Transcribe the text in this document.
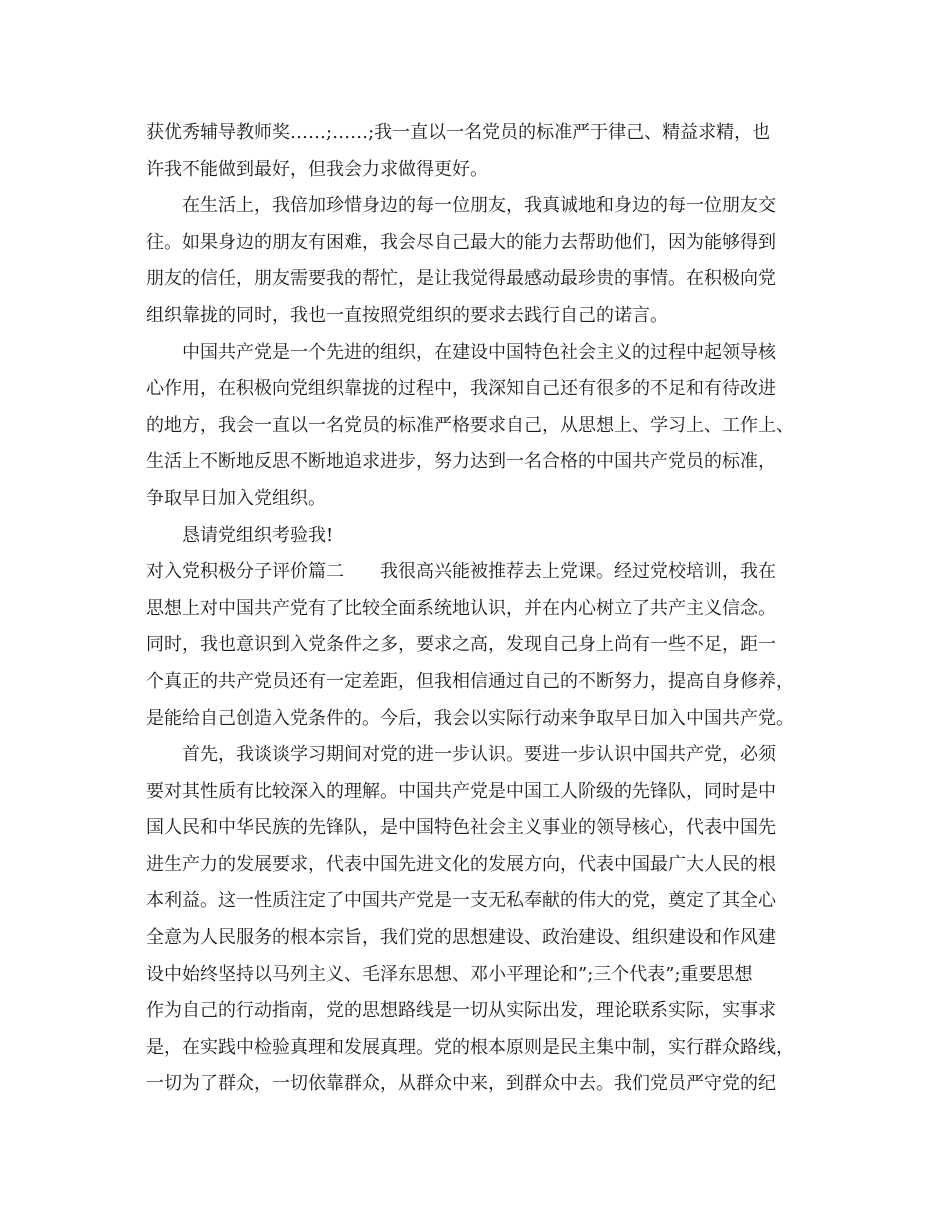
获优秀辅导教师奖……;……;我一直以一名党员的标准严于律己、精益求精，也
许我不能做到最好，但我会力求做得更好。
　　在生活上，我倍加珍惜身边的每一位朋友，我真诚地和身边的每一位朋友交
往。如果身边的朋友有困难，我会尽自己最大的能力去帮助他们，因为能够得到
朋友的信任，朋友需要我的帮忙，是让我觉得最感动最珍贵的事情。在积极向党
组织靠拢的同时，我也一直按照党组织的要求去践行自己的诺言。
　　中国共产党是一个先进的组织，在建设中国特色社会主义的过程中起领导核
心作用，在积极向党组织靠拢的过程中，我深知自己还有很多的不足和有待改进
的地方，我会一直以一名党员的标准严格要求自己，从思想上、学习上、工作上、
生活上不断地反思不断地追求进步，努力达到一名合格的中国共产党员的标准，
争取早日加入党组织。
　　恳请党组织考验我!
对入党积极分子评价篇二　　我很高兴能被推荐去上党课。经过党校培训，我在
思想上对中国共产党有了比较全面系统地认识，并在内心树立了共产主义信念。
同时，我也意识到入党条件之多，要求之高，发现自己身上尚有一些不足，距一
个真正的共产党员还有一定差距，但我相信通过自己的不断努力，提高自身修养，
是能给自己创造入党条件的。今后，我会以实际行动来争取早日加入中国共产党。
　　首先，我谈谈学习期间对党的进一步认识。要进一步认识中国共产党，必须
要对其性质有比较深入的理解。中国共产党是中国工人阶级的先锋队，同时是中
国人民和中华民族的先锋队，是中国特色社会主义事业的领导核心，代表中国先
进生产力的发展要求，代表中国先进文化的发展方向，代表中国最广大人民的根
本利益。这一性质注定了中国共产党是一支无私奉献的伟大的党，奠定了其全心
全意为人民服务的根本宗旨，我们党的思想建设、政治建设、组织建设和作风建
设中始终坚持以马列主义、毛泽东思想、邓小平理论和”;三个代表”;重要思想
作为自己的行动指南，党的思想路线是一切从实际出发，理论联系实际，实事求
是，在实践中检验真理和发展真理。党的根本原则是民主集中制，实行群众路线，
一切为了群众，一切依靠群众，从群众中来，到群众中去。我们党员严守党的纪
